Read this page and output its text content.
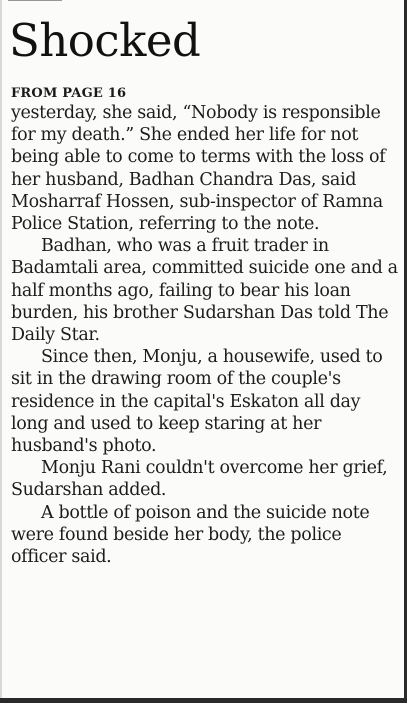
Shocked
FROM PAGE 16

yesterday, she said, “Nobody is responsible for my death.” She ended her life for not being able to come to terms with the loss of her husband, Badhan Chandra Das, said Mosharraf Hossen, sub-inspector of Ramna Police Station, referring to the note.

Badhan, who was a fruit trader in Badamtali area, committed suicide one and a half months ago, failing to bear his loan burden, his brother Sudarshan Das told The Daily Star.

Since then, Monju, a housewife, used to sit in the drawing room of the couple's residence in the capital's Eskaton all day long and used to keep staring at her husband's photo.

Monju Rani couldn't overcome her grief, Sudarshan added.

A bottle of poison and the suicide note were found beside her body, the police officer said.
